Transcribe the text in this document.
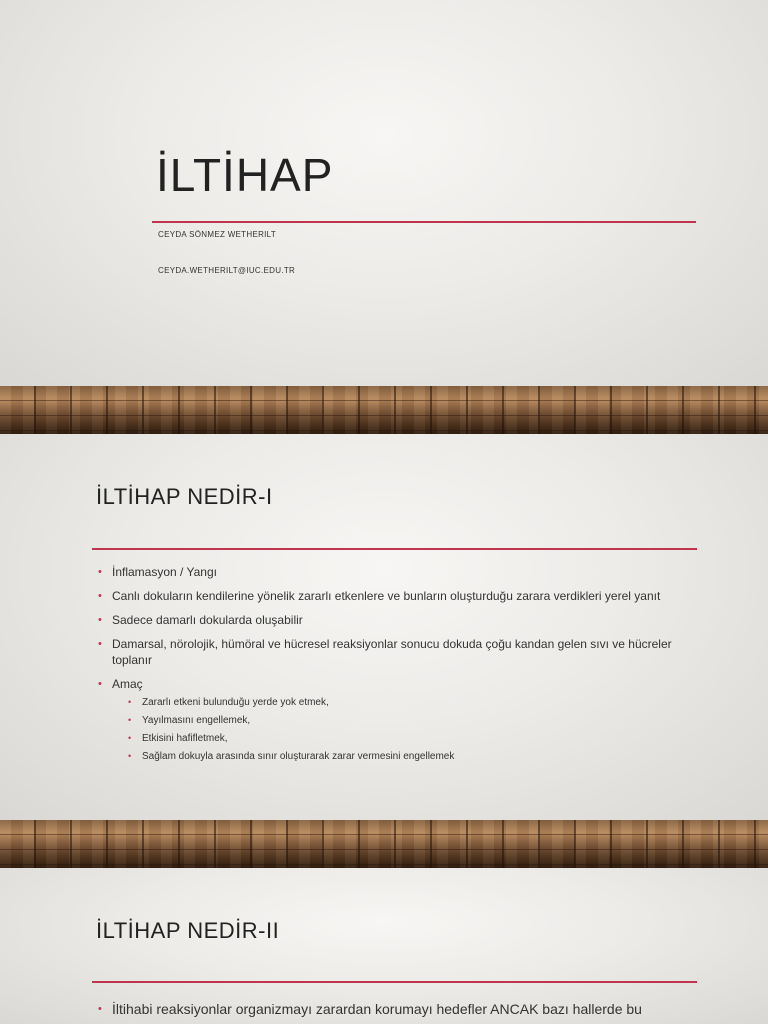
İLTİHAP
CEYDA SÖNMEZ WETHERILT
CEYDA.WETHERILT@IUC.EDU.TR
İLTİHAP NEDİR-I
• İnflamasyon / Yangı
• Canlı dokuların kendilerine yönelik zararlı etkenlere ve bunların oluşturduğu zarara verdikleri yerel yanıt
• Sadece damarlı dokularda oluşabilir
• Damarsal, nörolojik, hümöral ve hücresel reaksiyonlar sonucu dokuda çoğu kandan gelen sıvı ve hücreler toplanır
• Amaç
• Zararlı etkeni bulunduğu yerde yok etmek,
• Yayılmasını engellemek,
• Etkisini hafifletmek,
• Sağlam dokuyla arasında sınır oluşturarak zarar vermesini engellemek
İLTİHAP NEDİR-II
• İltihabi reaksiyonlar organizmayı zarardan korumayı hedefler ANCAK bazı hallerde bu
